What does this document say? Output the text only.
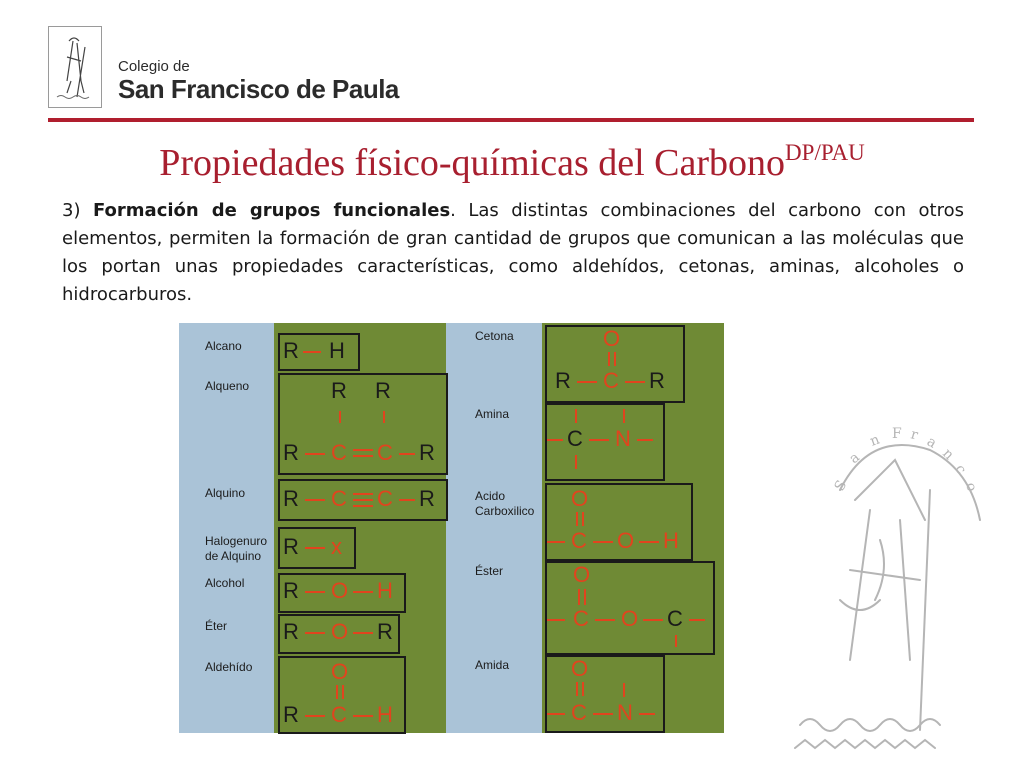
Colegio de
San Francisco de Paula
Propiedades físico-químicas del Carbono$^{DP/PAU}$
3) Formación de grupos funcionales. Las distintas combinaciones del carbono con otros elementos, permiten la formación de gran cantidad de grupos que comunican a las moléculas que los portan unas propiedades características, como aldehídos, cetonas, aminas, alcoholes o hidrocarburos.
Alcano
Alqueno
Alquino
Halogenuro
de Alquino
Alcohol
Éter
Aldehído
Cetona
Amina
Acido
Carboxilico
Éster
Amida
R H
R R
R C C R
R C C R
R x
R O H
R O R
O
R C H
O
R C R
C N
O
C O H
O
C O C
O
C N
S
a
n F r a
n
c
o
